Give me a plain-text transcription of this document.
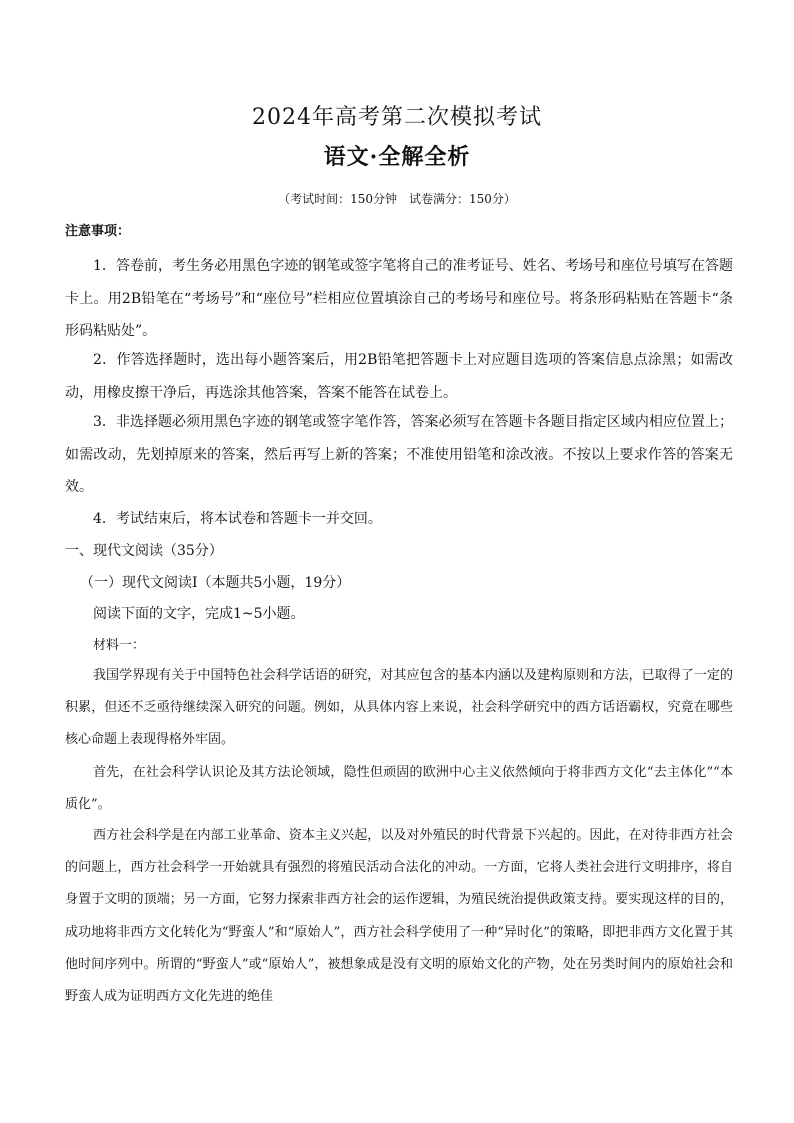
2024年高考第二次模拟考试
语文·全解全析
（考试时间：150分钟　试卷满分：150分）
注意事项：

1．答卷前，考生务必用黑色字迹的钢笔或签字笔将自己的准考证号、姓名、考场号和座位号填写在答题卡上。用2B铅笔在“考场号”和“座位号”栏相应位置填涂自己的考场号和座位号。将条形码粘贴在答题卡“条形码粘贴处”。

2．作答选择题时，选出每小题答案后，用2B铅笔把答题卡上对应题目选项的答案信息点涂黑；如需改动，用橡皮擦干净后，再选涂其他答案，答案不能答在试卷上。

3．非选择题必须用黑色字迹的钢笔或签字笔作答，答案必须写在答题卡各题目指定区域内相应位置上；如需改动，先划掉原来的答案，然后再写上新的答案；不准使用铅笔和涂改液。不按以上要求作答的答案无效。

4．考试结束后，将本试卷和答题卡一并交回。

一、现代文阅读（35分）

（一）现代文阅读Ⅰ（本题共5小题，19分）

阅读下面的文字，完成1~5小题。

材料一：

我国学界现有关于中国特色社会科学话语的研究，对其应包含的基本内涵以及建构原则和方法，已取得了一定的积累，但还不乏亟待继续深入研究的问题。例如，从具体内容上来说，社会科学研究中的西方话语霸权，究竟在哪些核心命题上表现得格外牢固。

首先，在社会科学认识论及其方法论领域，隐性但顽固的欧洲中心主义依然倾向于将非西方文化“去主体化”“本质化”。

西方社会科学是在内部工业革命、资本主义兴起，以及对外殖民的时代背景下兴起的。因此，在对待非西方社会的问题上，西方社会科学一开始就具有强烈的将殖民活动合法化的冲动。一方面，它将人类社会进行文明排序，将自身置于文明的顶端；另一方面，它努力探索非西方社会的运作逻辑，为殖民统治提供政策支持。要实现这样的目的，成功地将非西方文化转化为“野蛮人”和“原始人”，西方社会科学使用了一种“异时化”的策略，即把非西方文化置于其他时间序列中。所谓的“野蛮人”或“原始人”，被想象成是没有文明的原始文化的产物，处在另类时间内的原始社会和野蛮人成为证明西方文化先进的绝佳
